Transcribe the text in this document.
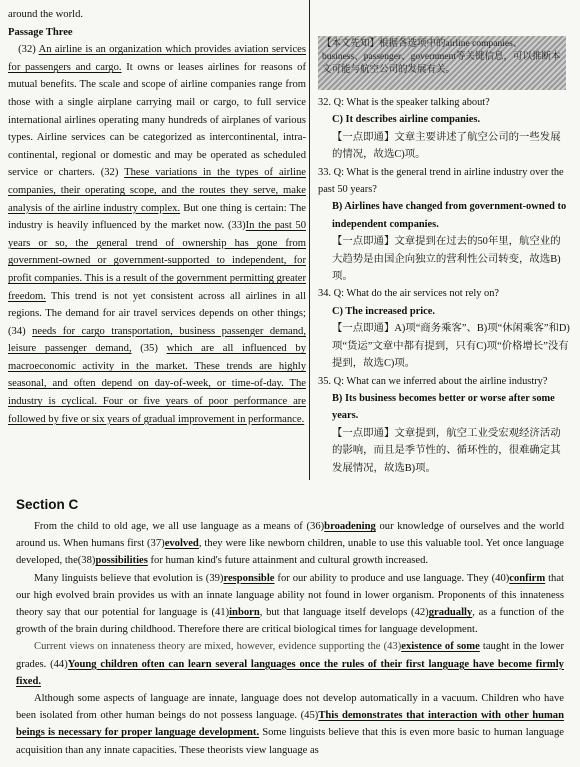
around the world.

Passage Three

(32) An airline is an organization which provides aviation services for passengers and cargo. It owns or leases airlines for reasons of mutual benefits. The scale and scope of airline companies range from those with a single airplane carrying mail or cargo, to full service international airlines operating many hundreds of airplanes of various types. Airline services can be categorized as intercontinental, intra-continental, regional or domestic and may be operated as scheduled service or charters. (32) These variations in the types of airline companies, their operating scope, and the routes they serve, make analysis of the airline industry complex. But one thing is certain: The industry is heavily influenced by the market now. (33)In the past 50 years or so, the general trend of ownership has gone from government-owned or government-supported to independent, for profit companies. This is a result of the government permitting greater freedom. This trend is not yet consistent across all airlines in all regions. The demand for air travel services depends on other things; (34) needs for cargo transportation, business passenger demand, leisure passenger demand, (35) which are all influenced by macroeconomic activity in the market. These trends are highly seasonal, and often depend on day-of-week, or time-of-day. The industry is cyclical. Four or five years of poor performance are followed by five or six years of gradual improvement in performance.

【本文先知】根据各选项中的airline companies、business、passenger、government等关键信息，可以推断本文可能与航空公司的发展有关。

32. Q: What is the speaker talking about?

C) It describes airline companies.

【一点即通】文章主要讲述了航空公司的一些发展的情况，故选C)项。

33. Q: What is the general trend in airline industry over the past 50 years?

B) Airlines have changed from government-owned to independent companies.

【一点即通】文章提到在过去的50年里，航空业的大趋势是由国企向独立的营利性公司转变，故选B)项。

34. Q: What do the air services not rely on?

C) The increased price.

【一点即通】A)项“商务乘客”、B)项“休闲乘客”和D)项“货运”文章中都有提到，只有C)项“价格增长”没有提到，故选C)项。

35. Q: What can we inferred about the airline industry?

B) Its business becomes better or worse after some years.

【一点即通】文章提到，航空工业受宏观经济活动的影响，而且是季节性的、循环性的，很难确定其发展情况，故选B)项。

Section C

From the child to old age, we all use language as a means of (36)broadening our knowledge of ourselves and the world around us. When humans first (37)evolved, they were like newborn children, unable to use this valuable tool. Yet once language developed, the(38)possibilities for human kind's future attainment and cultural growth increased.

Many linguists believe that evolution is (39)responsible for our ability to produce and use language. They (40)confirm that our high evolved brain provides us with an innate language ability not found in lower organism. Proponents of this innateness theory say that our potential for language is (41)inborn, but that language itself develops (42)gradually, as a function of the growth of the brain during childhood. Therefore there are critical biological times for language development.

Current views on innateness theory are mixed, however, evidence supporting the (43)existence of some taught in the lower grades. (44)Young children often can learn several languages once the rules of their first language have become firmly fixed.

Although some aspects of language are innate, language does not develop automatically in a vacuum. Children who have been isolated from other human beings do not possess language. (45)This demonstrates that interaction with other human beings is necessary for proper language development. Some linguists believe that this is even more basic to human language acquisition than any innate capacities. These theorists view language as
